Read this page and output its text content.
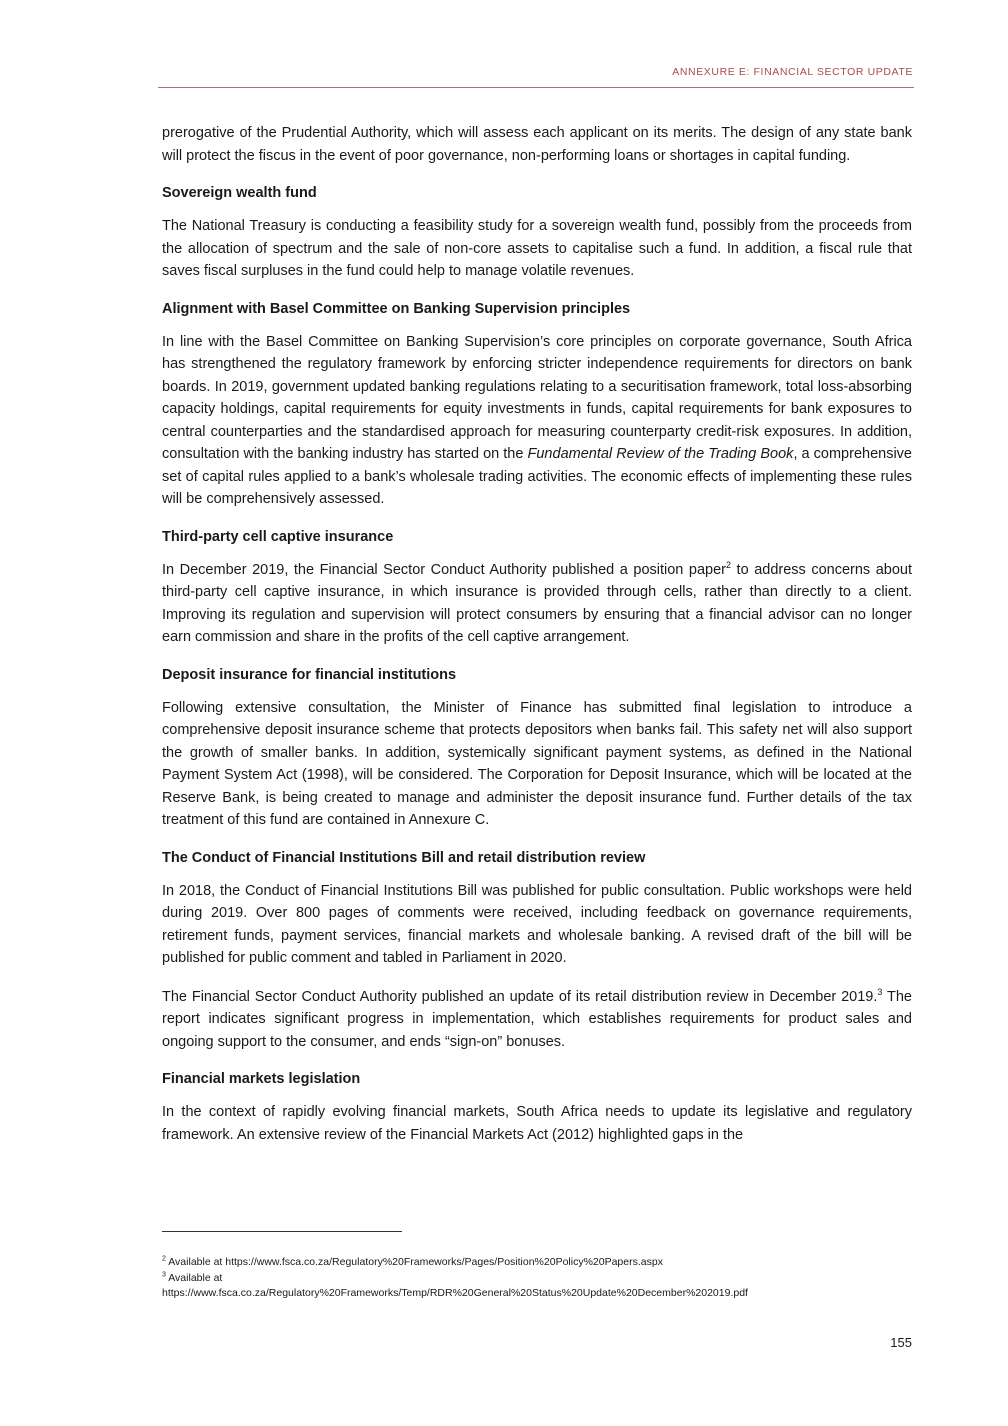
ANNEXURE E: FINANCIAL SECTOR UPDATE

prerogative of the Prudential Authority, which will assess each applicant on its merits. The design of any state bank will protect the fiscus in the event of poor governance, non-performing loans or shortages in capital funding.

Sovereign wealth fund

The National Treasury is conducting a feasibility study for a sovereign wealth fund, possibly from the proceeds from the allocation of spectrum and the sale of non-core assets to capitalise such a fund. In addition, a fiscal rule that saves fiscal surpluses in the fund could help to manage volatile revenues.

Alignment with Basel Committee on Banking Supervision principles

In line with the Basel Committee on Banking Supervision’s core principles on corporate governance, South Africa has strengthened the regulatory framework by enforcing stricter independence requirements for directors on bank boards. In 2019, government updated banking regulations relating to a securitisation framework, total loss-absorbing capacity holdings, capital requirements for equity investments in funds, capital requirements for bank exposures to central counterparties and the standardised approach for measuring counterparty credit-risk exposures. In addition, consultation with the banking industry has started on the Fundamental Review of the Trading Book, a comprehensive set of capital rules applied to a bank’s wholesale trading activities. The economic effects of implementing these rules will be comprehensively assessed.

Third-party cell captive insurance

In December 2019, the Financial Sector Conduct Authority published a position paper$^2$ to address concerns about third-party cell captive insurance, in which insurance is provided through cells, rather than directly to a client. Improving its regulation and supervision will protect consumers by ensuring that a financial advisor can no longer earn commission and share in the profits of the cell captive arrangement.

Deposit insurance for financial institutions

Following extensive consultation, the Minister of Finance has submitted final legislation to introduce a comprehensive deposit insurance scheme that protects depositors when banks fail. This safety net will also support the growth of smaller banks. In addition, systemically significant payment systems, as defined in the National Payment System Act (1998), will be considered. The Corporation for Deposit Insurance, which will be located at the Reserve Bank, is being created to manage and administer the deposit insurance fund. Further details of the tax treatment of this fund are contained in Annexure C.

The Conduct of Financial Institutions Bill and retail distribution review

In 2018, the Conduct of Financial Institutions Bill was published for public consultation. Public workshops were held during 2019. Over 800 pages of comments were received, including feedback on governance requirements, retirement funds, payment services, financial markets and wholesale banking. A revised draft of the bill will be published for public comment and tabled in Parliament in 2020.

The Financial Sector Conduct Authority published an update of its retail distribution review in December 2019.$^3$ The report indicates significant progress in implementation, which establishes requirements for product sales and ongoing support to the consumer, and ends “sign-on” bonuses.

Financial markets legislation

In the context of rapidly evolving financial markets, South Africa needs to update its legislative and regulatory framework. An extensive review of the Financial Markets Act (2012) highlighted gaps in the

$^2$ Available at https://www.fsca.co.za/Regulatory%20Frameworks/Pages/Position%20Policy%20Papers.aspx
$^3$ Available at
https://www.fsca.co.za/Regulatory%20Frameworks/Temp/RDR%20General%20Status%20Update%20December%202019.pdf
155
